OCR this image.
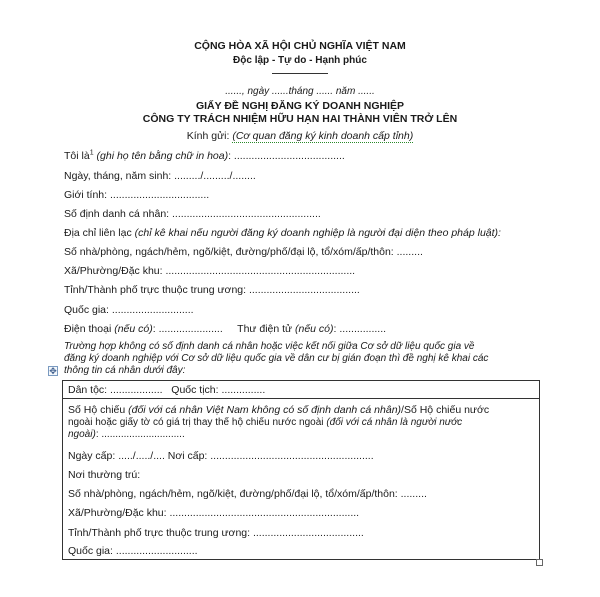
CỘNG HÒA XÃ HỘI CHỦ NGHĨA VIỆT NAM
Độc lập - Tự do - Hạnh phúc
......, ngày ......tháng ...... năm ......
GIẤY ĐỀ NGHỊ ĐĂNG KÝ DOANH NGHIỆP
CÔNG TY TRÁCH NHIỆM HỮU HẠN HAI THÀNH VIÊN TRỞ LÊN
Kính gửi: (Cơ quan đăng ký kinh doanh cấp tỉnh)
Tôi $là^1$ (ghi họ tên bằng chữ in hoa): ......................................
Ngày, tháng, năm sinh: ........./........./........
Giới tính: ..................................
Số định danh cá nhân: ...................................................
Địa chỉ liên lạc (chỉ kê khai nếu người đăng ký doanh nghiệp là người đại diện theo pháp luật):
Số nhà/phòng, ngách/hẻm, ngõ/kiệt, đường/phố/đại lộ, tổ/xóm/ấp/thôn: .........
Xã/Phường/Đặc khu: .................................................................
Tỉnh/Thành phố trực thuộc trung ương: ......................................
Quốc gia: ............................
Điện thoại (nếu có): ...................... Thư điện tử (nếu có): ................
Trường hợp không có số định danh cá nhân hoặc việc kết nối giữa Cơ sở dữ liệu quốc gia về
đăng ký doanh nghiệp với Cơ sở dữ liệu quốc gia về dân cư bị gián đoạn thì đề nghị kê khai các
thông tin cá nhân dưới đây:
✥
Dân tộc: .................. Quốc tịch: ...............
Số Hộ chiếu (đối với cá nhân Việt Nam không có số định danh cá nhân)/Số Hộ chiếu nước
ngoài hoặc giấy tờ có giá trị thay thế hộ chiếu nước ngoài (đối với cá nhân là người nước
ngoài): ..............................
Ngày cấp: ...../...../.... Nơi cấp: ........................................................
Nơi thường trú:
Số nhà/phòng, ngách/hẻm, ngõ/kiệt, đường/phố/đại lộ, tổ/xóm/ấp/thôn: .........
Xã/Phường/Đặc khu: .................................................................
Tỉnh/Thành phố trực thuộc trung ương: ......................................
Quốc gia: ............................
